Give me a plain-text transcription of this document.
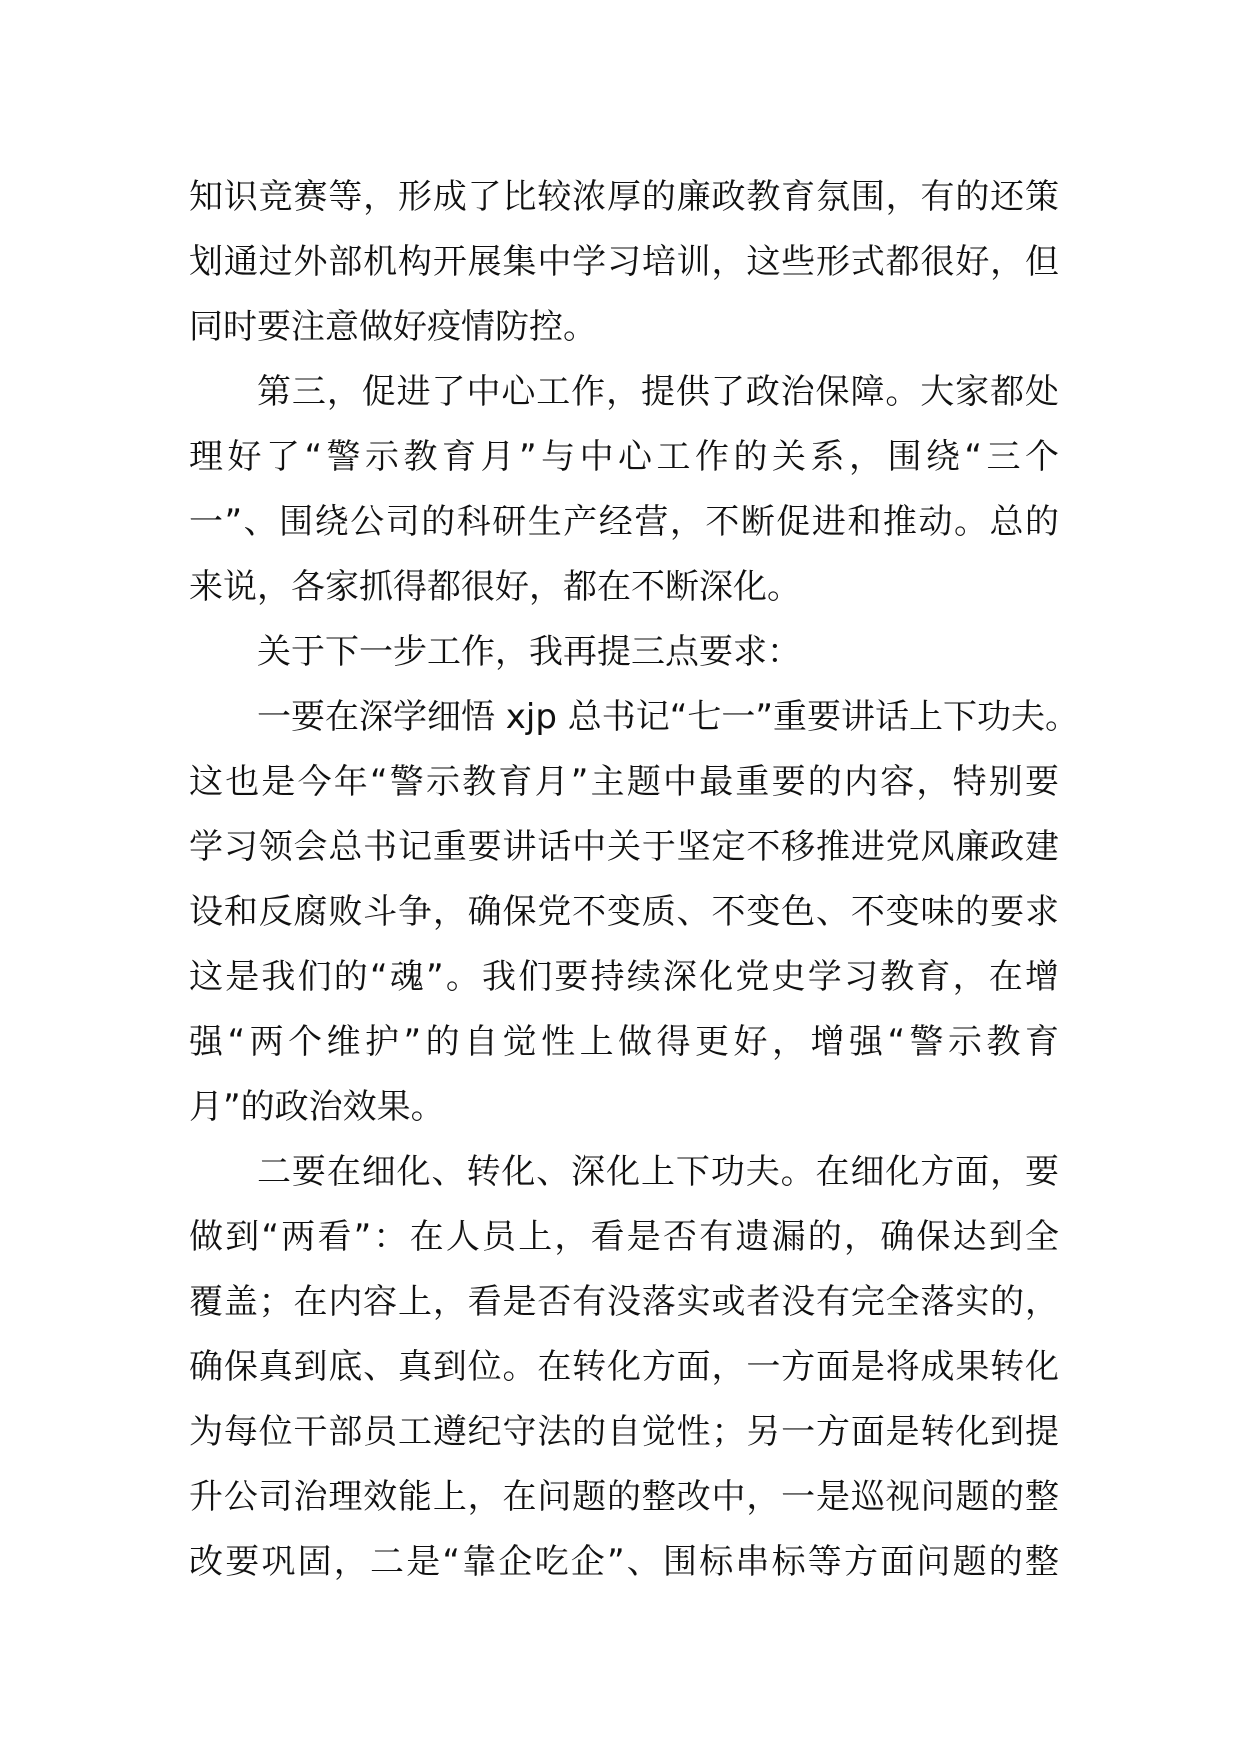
知识竞赛等，形成了比较浓厚的廉政教育氛围，有的还策
划通过外部机构开展集中学习培训，这些形式都很好，但
同时要注意做好疫情防控。
第三，促进了中心工作，提供了政治保障。大家都处
理好了“警示教育月”与中心工作的关系，围绕“三个
一”、围绕公司的科研生产经营，不断促进和推动。总的
来说，各家抓得都很好，都在不断深化。
关于下一步工作，我再提三点要求：
一要在深学细悟 xjp 总书记“七一”重要讲话上下功夫。
这也是今年“警示教育月”主题中最重要的内容，特别要
学习领会总书记重要讲话中关于坚定不移推进党风廉政建
设和反腐败斗争，确保党不变质、不变色、不变味的要求
这是我们的“魂”。我们要持续深化党史学习教育，在增
强“两个维护”的自觉性上做得更好，增强“警示教育
月”的政治效果。
二要在细化、转化、深化上下功夫。在细化方面，要
做到“两看”：在人员上，看是否有遗漏的，确保达到全
覆盖；在内容上，看是否有没落实或者没有完全落实的，
确保真到底、真到位。在转化方面，一方面是将成果转化
为每位干部员工遵纪守法的自觉性；另一方面是转化到提
升公司治理效能上，在问题的整改中，一是巡视问题的整
改要巩固，二是“靠企吃企”、围标串标等方面问题的整
